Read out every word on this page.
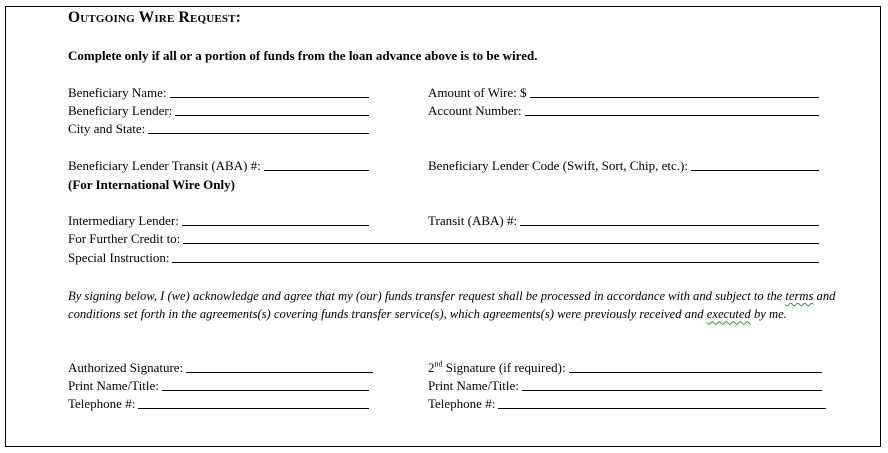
Outgoing Wire Request:
Complete only if all or a portion of funds from the loan advance above is to be wired.
Beneficiary Name:	Amount of Wire: $
Beneficiary Lender:	Account Number:
City and State:
Beneficiary Lender Transit (ABA) #:	Beneficiary Lender Code (Swift, Sort, Chip, etc.):
(For International Wire Only)
Intermediary Lender:	Transit (ABA) #:
For Further Credit to:
Special Instruction:
By signing below, I (we) acknowledge and agree that my (our) funds transfer request shall be processed in accordance with and subject to the terms and conditions set forth in the agreements(s) covering funds transfer service(s), which agreements(s) were previously received and executed by me.
Authorized Signature:	2nd Signature (if required):
Print Name/Title:	Print Name/Title:
Telephone #:	Telephone #:
